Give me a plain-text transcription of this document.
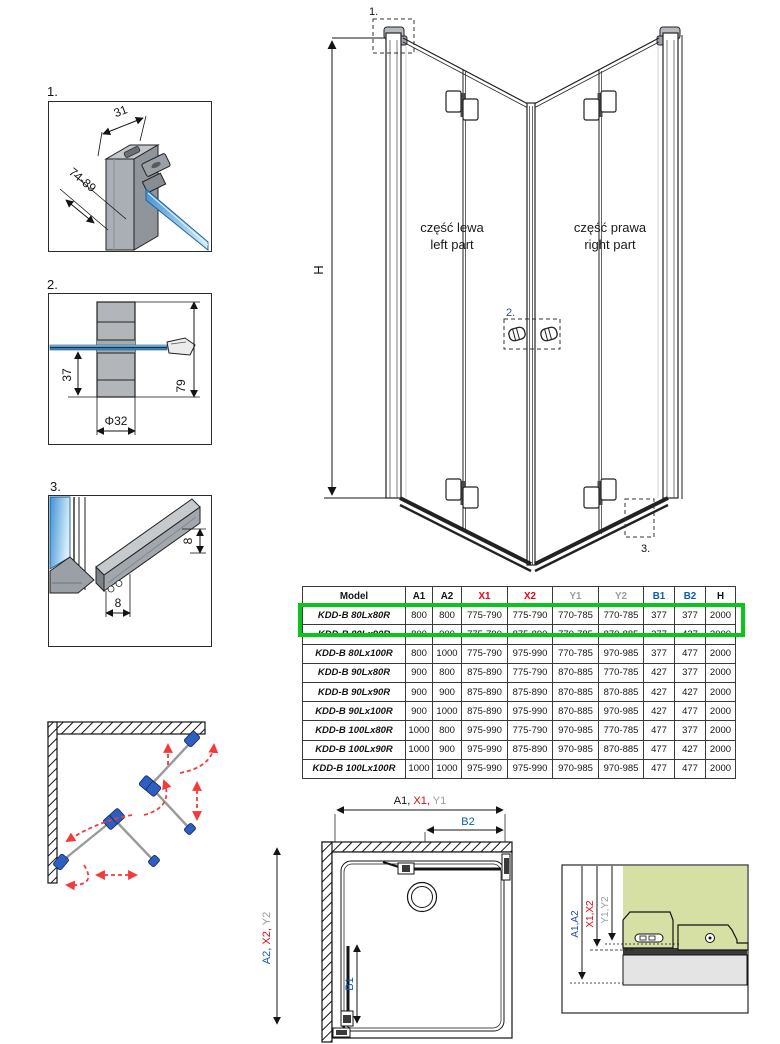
1.
31
74-89
2.
37
Φ32
79
3.
8
8
H
2.
1.
3.
część lewa
left part
część prawa
right part
Model	A1	A2	X1	X2	Y1	Y2	B1	B2	H
KDD-B 80Lx80R	800	800	775-790	775-790	770-785	770-785	377	377	2000
KDD-B 80Lx90R	800	900	775-790	875-890	770-785	870-885	377	427	2000
KDD-B 80Lx100R	800	1000	775-790	975-990	770-785	970-985	377	477	2000
KDD-B 90Lx80R	900	800	875-890	775-790	870-885	770-785	427	377	2000
KDD-B 90Lx90R	900	900	875-890	875-890	870-885	870-885	427	427	2000
KDD-B 90Lx100R	900	1000	875-890	975-990	870-885	970-985	427	477	2000
KDD-B 100Lx80R	1000	800	975-990	775-790	970-985	770-785	477	377	2000
KDD-B 100Lx90R	1000	900	975-990	875-890	970-985	870-885	477	427	2000
KDD-B 100Lx100R	1000	1000	975-990	975-990	970-985	970-985	477	477	2000
A1, X1, Y1
B2
A2, X2, Y2
B1
A1,A2 X1,X2 Y1,Y2
